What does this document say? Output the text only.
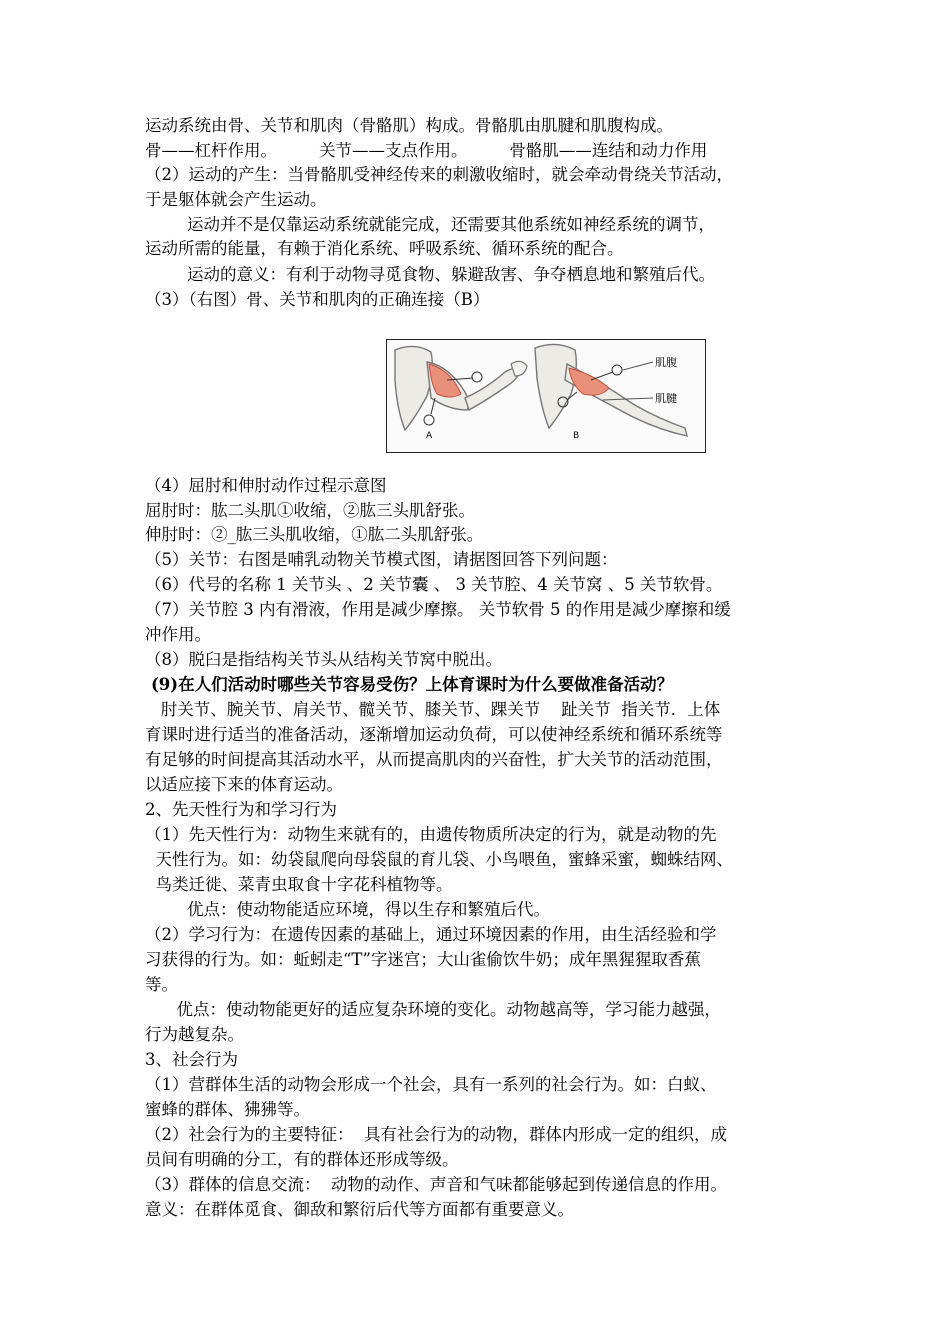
运动系统由骨、关节和肌肉（骨骼肌）构成。骨骼肌由肌腱和肌腹构成。
骨——杠杆作用。        关节——支点作用。        骨骼肌——连结和动力作用
（2）运动的产生：当骨骼肌受神经传来的刺激收缩时，就会牵动骨绕关节活动，
于是躯体就会产生运动。
运动并不是仅靠运动系统就能完成，还需要其他系统如神经系统的调节，
运动所需的能量，有赖于消化系统、呼吸系统、循环系统的配合。
运动的意义：有利于动物寻觅食物、躲避敌害、争夺栖息地和繁殖后代。
（3）（右图）骨、关节和肌肉的正确连接（B）
A
肌腹
肌腱
B
（4）屈肘和伸肘动作过程示意图
屈肘时：肱二头肌①收缩，②肱三头肌舒张。
伸肘时：②_肱三头肌收缩，①肱二头肌舒张。
（5）关节：右图是哺乳动物关节模式图，请据图回答下列问题：
（6）代号的名称 1 关节头 、2 关节囊 、 3 关节腔、4 关节窝 、5 关节软骨。
（7）关节腔 3 内有滑液，作用是减少摩擦。 关节软骨 5 的作用是减少摩擦和缓
冲作用。
（8）脱臼是指结构关节头从结构关节窝中脱出。
(9)在人们活动时哪些关节容易受伤？上体育课时为什么要做准备活动？
肘关节、腕关节、肩关节、髋关节、膝关节、踝关节    趾关节  指关节．上体
育课时进行适当的准备活动，逐渐增加运动负荷，可以使神经系统和循环系统等
有足够的时间提高其活动水平，从而提高肌肉的兴奋性，扩大关节的活动范围，
以适应接下来的体育运动。
2、先天性行为和学习行为
（1）先天性行为：动物生来就有的，由遗传物质所决定的行为，就是动物的先
天性行为。如：幼袋鼠爬向母袋鼠的育儿袋、小鸟喂鱼，蜜蜂采蜜，蜘蛛结网、
鸟类迁徙、菜青虫取食十字花科植物等。
优点：使动物能适应环境，得以生存和繁殖后代。
（2）学习行为：在遗传因素的基础上，通过环境因素的作用，由生活经验和学
习获得的行为。如：蚯蚓走“T”字迷宫；大山雀偷饮牛奶；成年黑猩猩取香蕉
等。
优点：使动物能更好的适应复杂环境的变化。动物越高等，学习能力越强，
行为越复杂。
3、社会行为
（1）营群体生活的动物会形成一个社会，具有一系列的社会行为。如：白蚁、
蜜蜂的群体、狒狒等。
（2）社会行为的主要特征：  具有社会行为的动物，群体内形成一定的组织，成
员间有明确的分工，有的群体还形成等级。
（3）群体的信息交流：  动物的动作、声音和气味都能够起到传递信息的作用。
意义：在群体觅食、御敌和繁衍后代等方面都有重要意义。
